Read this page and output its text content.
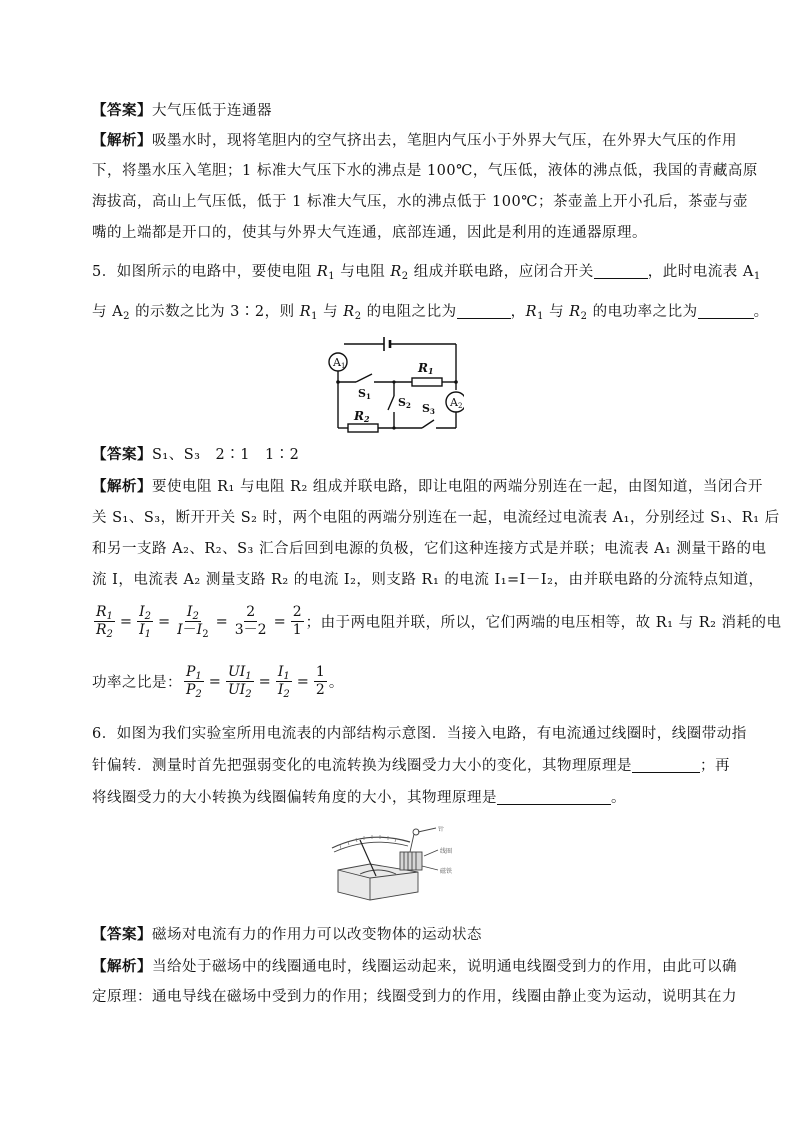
【答案】大气压低于连通器
【解析】吸墨水时，现将笔胆内的空气挤出去，笔胆内气压小于外界大气压，在外界大气压的作用
下，将墨水压入笔胆；1 标准大气压下水的沸点是 100℃，气压低，液体的沸点低，我国的青藏高原
海拔高，高山上气压低，低于 1 标准大气压，水的沸点低于 100℃；茶壶盖上开小孔后，茶壶与壶
嘴的上端都是开口的，使其与外界大气连通，底部连通，因此是利用的连通器原理。
5．如图所示的电路中，要使电阻 $R_1$ 与电阻 $R_2$ 组成并联电路，应闭合开关	，此时电流表 $A_1$
与 $A_2$ 的示数之比为 3∶2，则 $R_1$ 与 $R_2$ 的电阻之比为	，$R_1$ 与 $R_2$ 的电功率之比为	。
A1
A2
R1
R2
S1 S2 S3
【答案】S₁、S₃　2∶1　1∶2
【解析】要使电阻 R₁ 与电阻 R₂ 组成并联电路，即让电阻的两端分别连在一起，由图知道，当闭合开
关 S₁、S₃，断开开关 S₂ 时，两个电阻的两端分别连在一起，电流经过电流表 A₁，分别经过 S₁、R₁ 后
和另一支路 A₂、R₂、S₃ 汇合后回到电源的负极，它们这种连接方式是并联；电流表 A₁ 测量干路的电
流 I，电流表 A₂ 测量支路 R₂ 的电流 I₂，则支路 R₁ 的电流 I₁=I－I₂，由并联电路的分流特点知道，
$\frac{R_1}{R_2} = \frac{I_2}{I_1} = \frac{I_2}{I-I_2} = \frac{2}{3-2} = \frac{2}{1}$ ；由于两电阻并联，所以，它们两端的电压相等，故 R₁ 与 R₂ 消耗的电
功率之比是： $\frac{P_1}{P_2} = \frac{UI_1}{UI_2} = \frac{I_1}{I_2} = \frac{1}{2}$ 。
6．如图为我们实验室所用电流表的内部结构示意图．当接入电路，有电流通过线圈时，线圈带动指
针偏转．测量时首先把强弱变化的电流转换为线圈受力大小的变化，其物理原理是	；再
将线圈受力的大小转换为线圈偏转角度的大小，其物理原理是	。
针
线圈
磁铁
【答案】磁场对电流有力的作用力可以改变物体的运动状态
【解析】当给处于磁场中的线圈通电时，线圈运动起来，说明通电线圈受到力的作用，由此可以确
定原理：通电导线在磁场中受到力的作用；线圈受到力的作用，线圈由静止变为运动，说明其在力
